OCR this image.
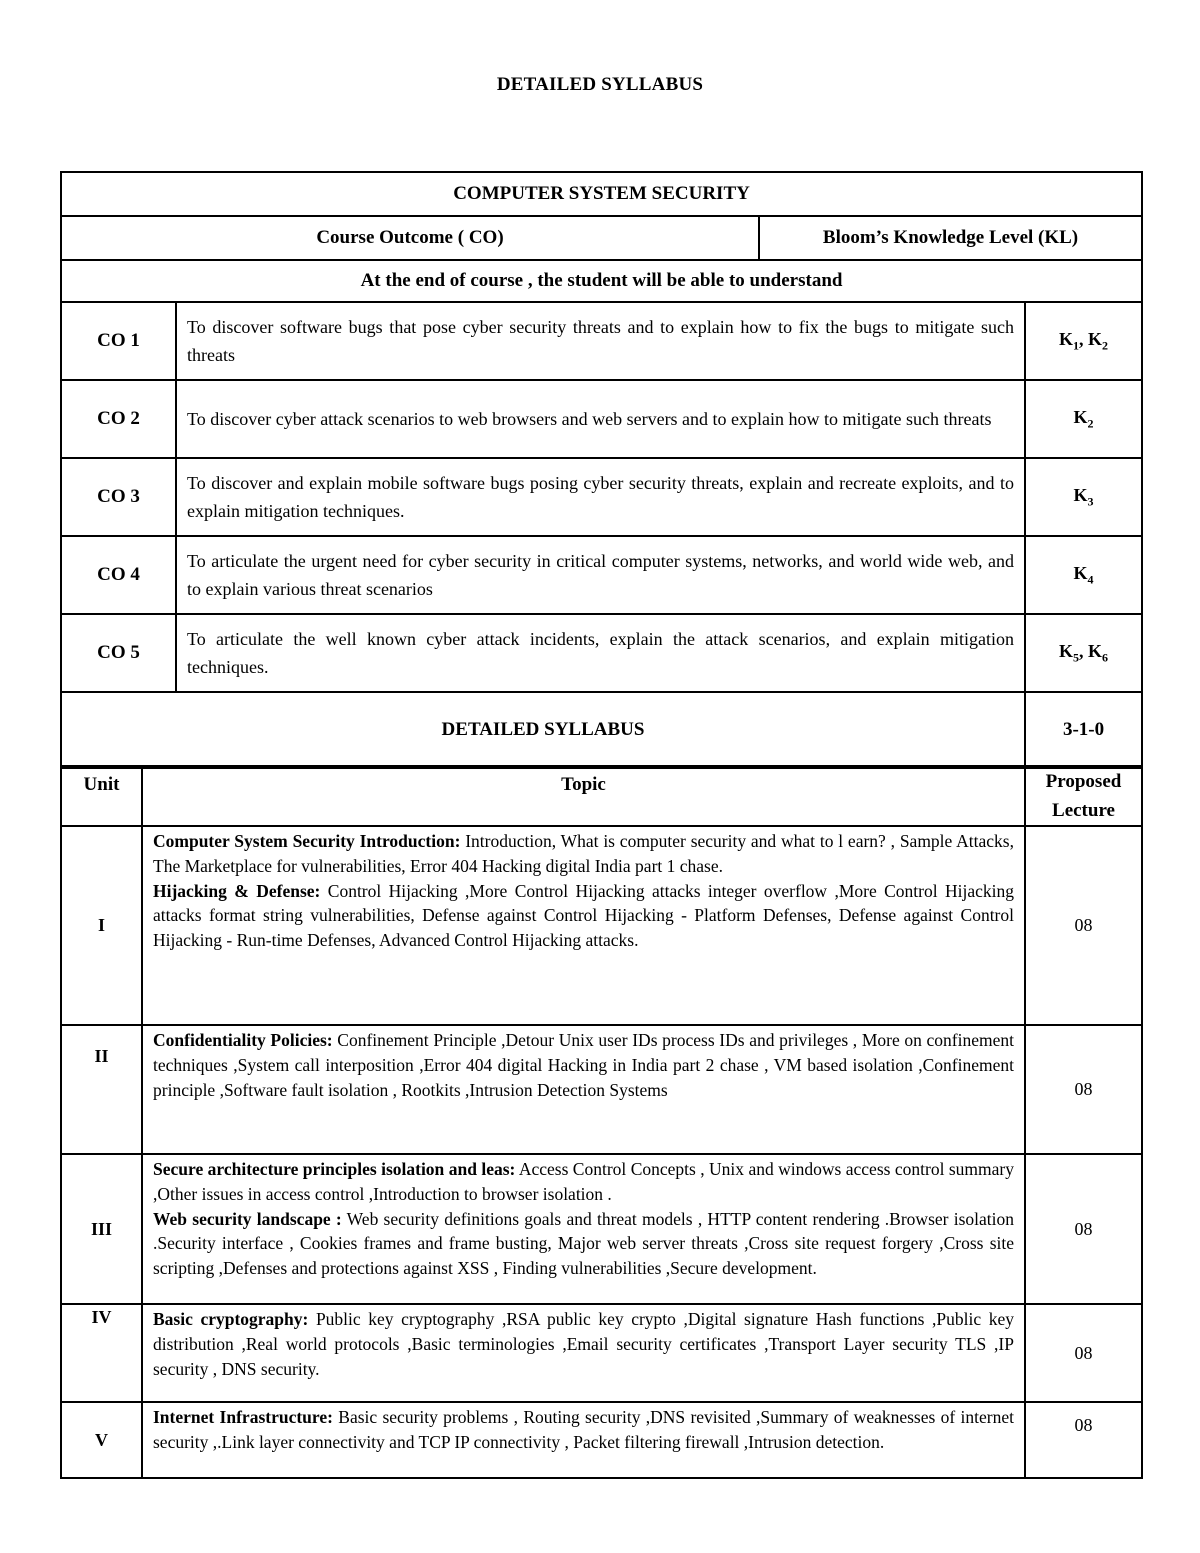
DETAILED SYLLABUS
COMPUTER SYSTEM SECURITY			
Course Outcome ( CO)		Bloom’s Knowledge Level (KL)	
At the end of course , the student will be able to understand			
CO 1	To discover software bugs that pose cyber security threats and to explain how to fix the bugs to mitigate such threats		$K_1$, $K_2$
CO 2	To discover cyber attack scenarios to web browsers and web servers and to explain how to mitigate such threats		$K_2$
CO 3	To discover and explain mobile software bugs posing cyber security threats, explain and recreate exploits, and to explain mitigation techniques.		$K_3$
CO 4	To articulate the urgent need for cyber security in critical computer systems, networks, and world wide web, and to explain various threat scenarios		$K_4$
CO 5	To articulate the well known cyber attack incidents, explain the attack scenarios, and explain mitigation techniques.		$K_5$, $K_6$
DETAILED SYLLABUS			3-1-0
Unit	Topic	Proposed
Lecture
I	Computer System Security Introduction: Introduction, What is computer security and what to l earn? , Sample Attacks, The Marketplace for vulnerabilities, Error 404 Hacking digital India part 1 chase.
Hijacking & Defense: Control Hijacking ,More Control Hijacking attacks integer overflow ,More Control Hijacking attacks format string vulnerabilities, Defense against Control Hijacking - Platform Defenses, Defense against Control Hijacking - Run-time Defenses, Advanced Control Hijacking attacks.	08
II	Confidentiality Policies: Confinement Principle ,Detour Unix user IDs process IDs and privileges , More on confinement techniques ,System call interposition ,Error 404 digital Hacking in India part 2 chase , VM based isolation ,Confinement principle ,Software fault isolation , Rootkits ,Intrusion Detection Systems	08
III	Secure architecture principles isolation and leas: Access Control Concepts , Unix and windows access control summary ,Other issues in access control ,Introduction to browser isolation .
Web security landscape : Web security definitions goals and threat models , HTTP content rendering .Browser isolation .Security interface , Cookies frames and frame busting, Major web server threats ,Cross site request forgery ,Cross site scripting ,Defenses and protections against XSS , Finding vulnerabilities ,Secure development.	08
IV	Basic cryptography: Public key cryptography ,RSA public key crypto ,Digital signature Hash functions ,Public key distribution ,Real world protocols ,Basic terminologies ,Email security certificates ,Transport Layer security TLS ,IP security , DNS security.	08
V	Internet Infrastructure: Basic security problems , Routing security ,DNS revisited ,Summary of weaknesses of internet security ,.Link layer connectivity and TCP IP connectivity , Packet filtering firewall ,Intrusion detection.	08
